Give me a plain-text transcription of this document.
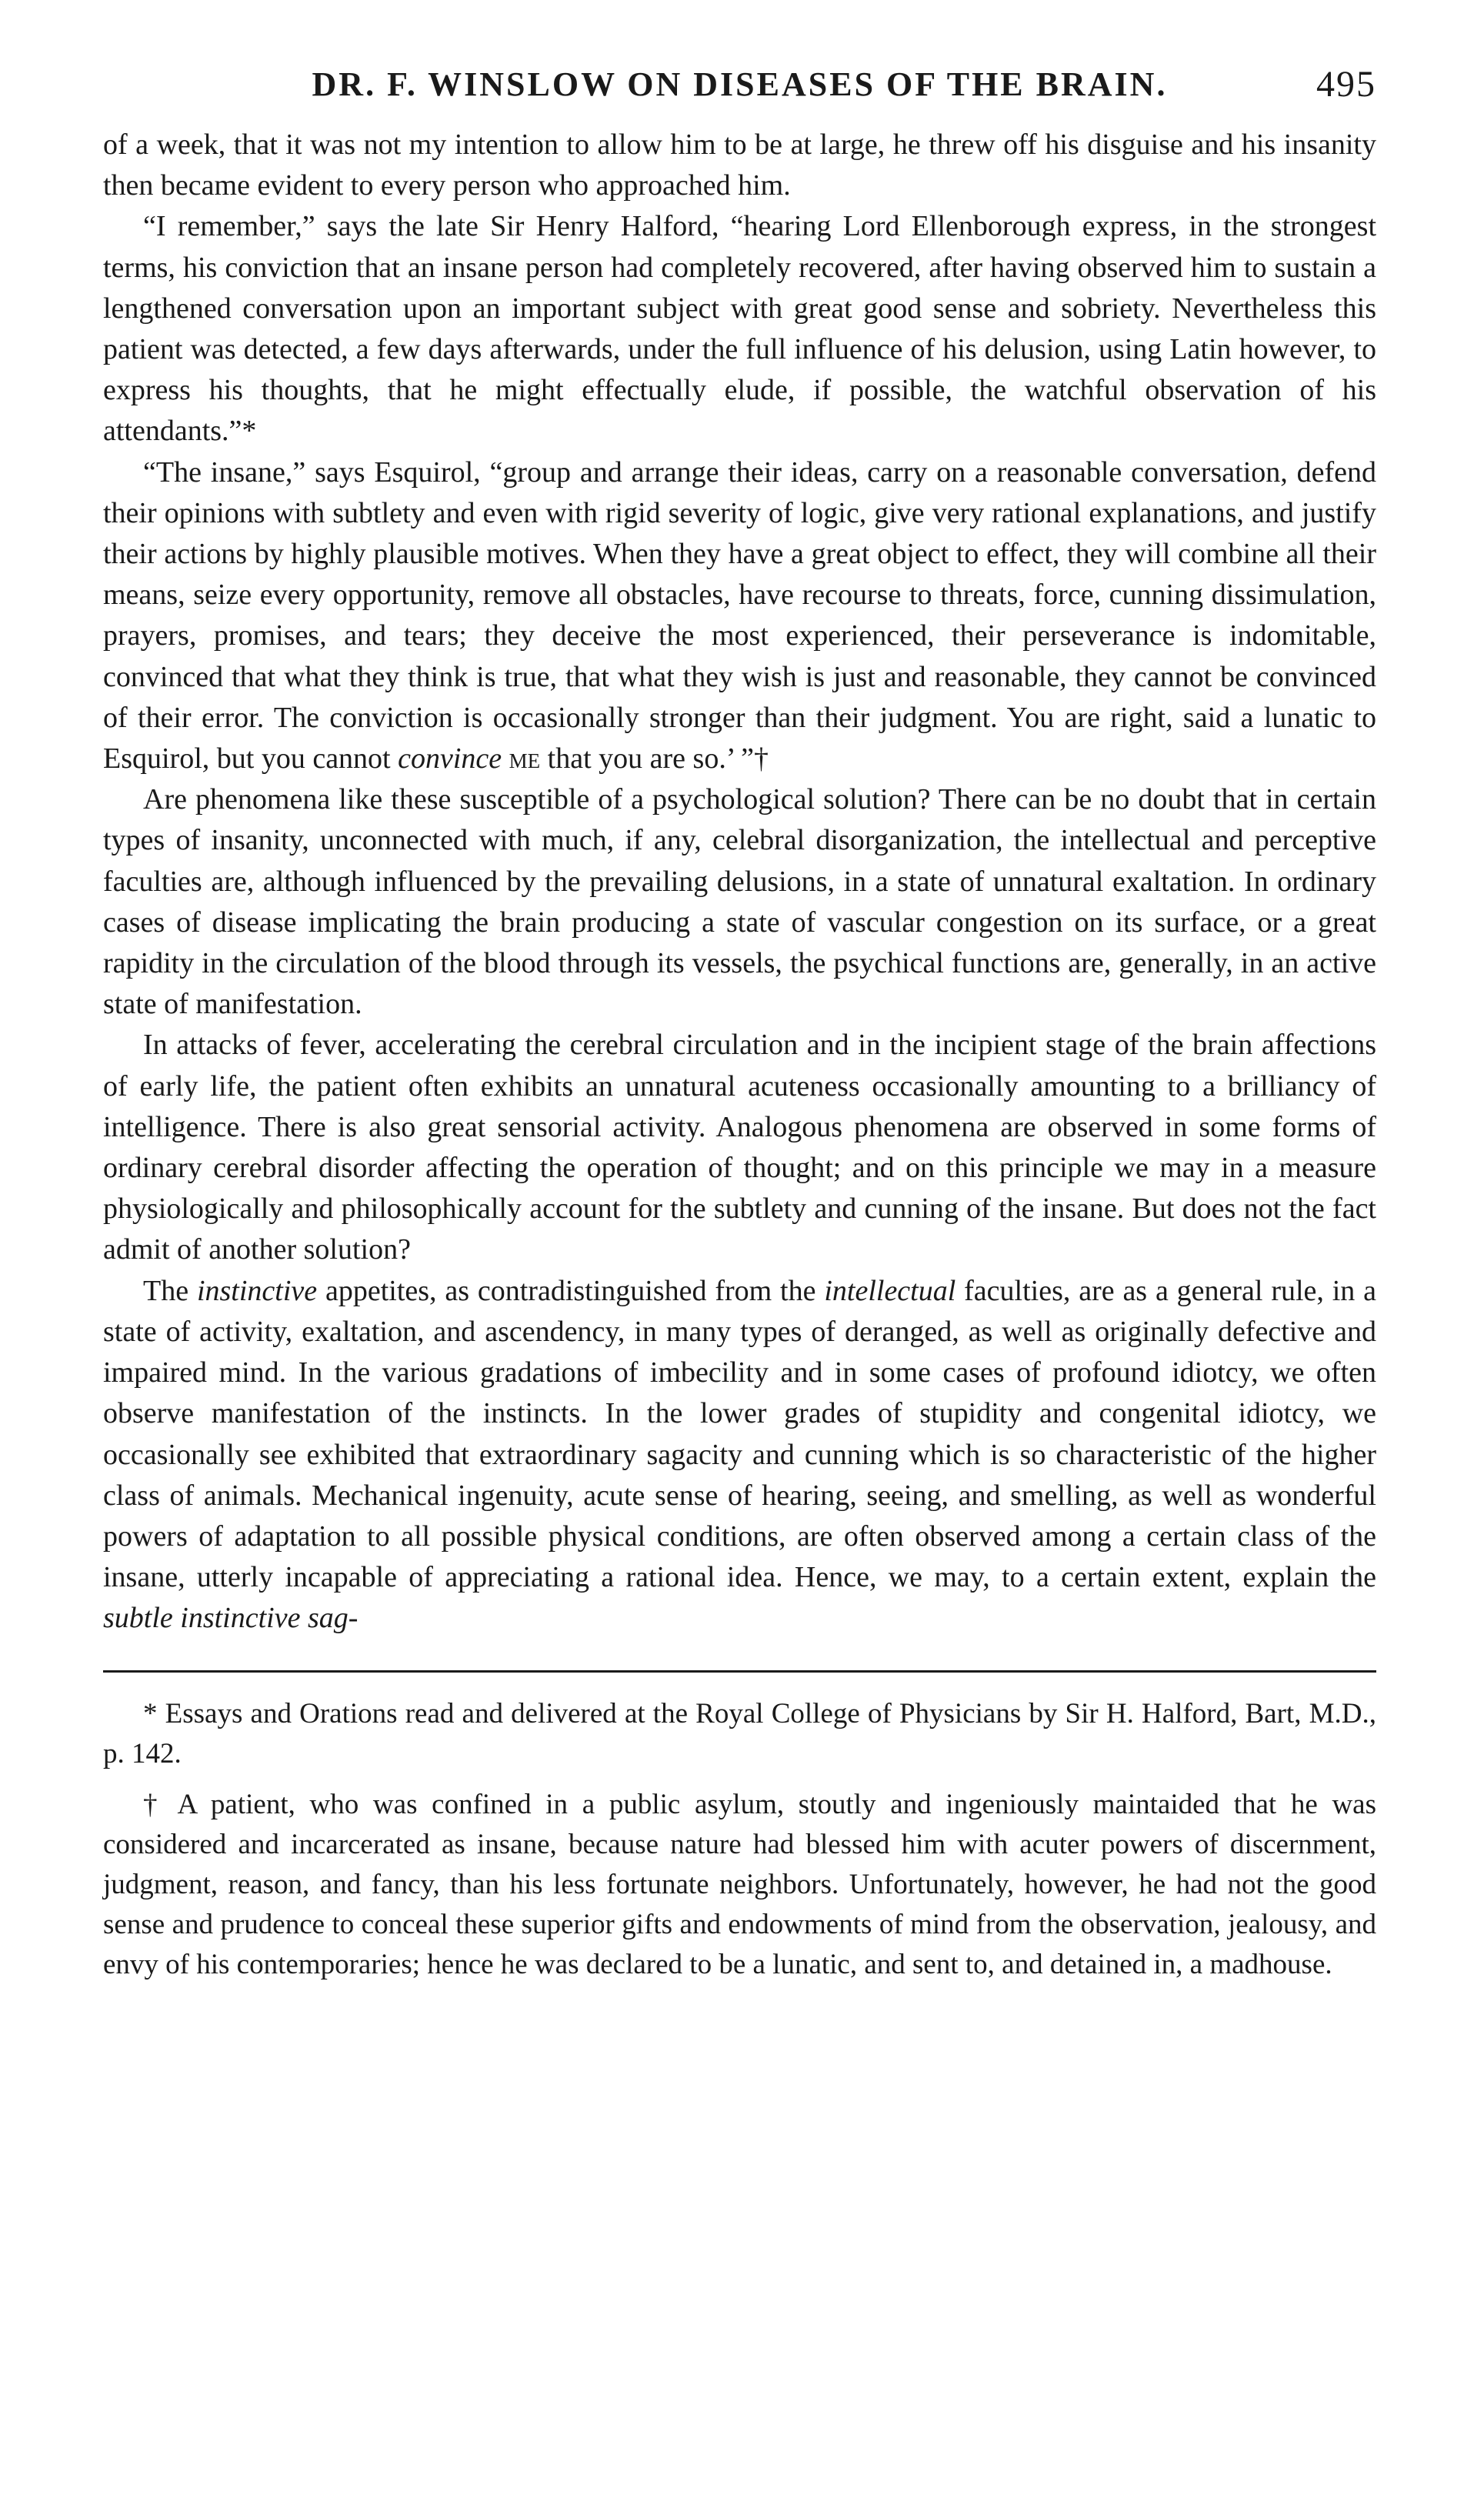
DR. F. WINSLOW ON DISEASES OF THE BRAIN.	495

of a week, that it was not my intention to allow him to be at large, he threw off his disguise and his insanity then became evident to every person who approached him.

“I remember,” says the late Sir Henry Halford, “hearing Lord Ellenborough express, in the strongest terms, his conviction that an insane person had completely recovered, after having observed him to sustain a lengthened conversation upon an important subject with great good sense and sobriety. Nevertheless this patient was detected, a few days afterwards, under the full influence of his delusion, using Latin however, to express his thoughts, that he might effectually elude, if possible, the watchful observation of his attendants.”*

“The insane,” says Esquirol, “group and arrange their ideas, carry on a reasonable conversation, defend their opinions with subtlety and even with rigid severity of logic, give very rational explanations, and justify their actions by highly plausible motives. When they have a great object to effect, they will combine all their means, seize every opportunity, remove all obstacles, have recourse to threats, force, cunning dissimulation, prayers, promises, and tears; they deceive the most experienced, their perseverance is indomitable, convinced that what they think is true, that what they wish is just and reasonable, they cannot be convinced of their error. The conviction is occasionally stronger than their judgment. You are right, said a lunatic to Esquirol, but you cannot convince me that you are so.’ ”†

Are phenomena like these susceptible of a psychological solution? There can be no doubt that in certain types of insanity, unconnected with much, if any, celebral disorganization, the intellectual and perceptive faculties are, although influenced by the prevailing delusions, in a state of unnatural exaltation. In ordinary cases of disease implicating the brain producing a state of vascular congestion on its surface, or a great rapidity in the circulation of the blood through its vessels, the psychical functions are, generally, in an active state of manifestation.

In attacks of fever, accelerating the cerebral circulation and in the incipient stage of the brain affections of early life, the patient often exhibits an unnatural acuteness occasionally amounting to a brilliancy of intelligence. There is also great sensorial activity. Analogous phenomena are observed in some forms of ordinary cerebral disorder affecting the operation of thought; and on this principle we may in a measure physiologically and philosophically account for the subtlety and cunning of the insane. But does not the fact admit of another solution?

The instinctive appetites, as contradistinguished from the intellectual faculties, are as a general rule, in a state of activity, exaltation, and ascendency, in many types of deranged, as well as originally defective and impaired mind. In the various gradations of imbecility and in some cases of profound idiotcy, we often observe manifestation of the instincts. In the lower grades of stupidity and congenital idiotcy, we occasionally see exhibited that extraordinary sagacity and cunning which is so characteristic of the higher class of animals. Mechanical ingenuity, acute sense of hearing, seeing, and smelling, as well as wonderful powers of adaptation to all possible physical conditions, are often observed among a certain class of the insane, utterly incapable of appreciating a rational idea. Hence, we may, to a certain extent, explain the subtle instinctive sag-

* Essays and Orations read and delivered at the Royal College of Physicians by Sir H. Halford, Bart, M.D., p. 142.

† A patient, who was confined in a public asylum, stoutly and ingeniously maintaided that he was considered and incarcerated as insane, because nature had blessed him with acuter powers of discernment, judgment, reason, and fancy, than his less fortunate neighbors. Unfortunately, however, he had not the good sense and prudence to conceal these superior gifts and endowments of mind from the observation, jealousy, and envy of his contemporaries; hence he was declared to be a lunatic, and sent to, and detained in, a madhouse.
